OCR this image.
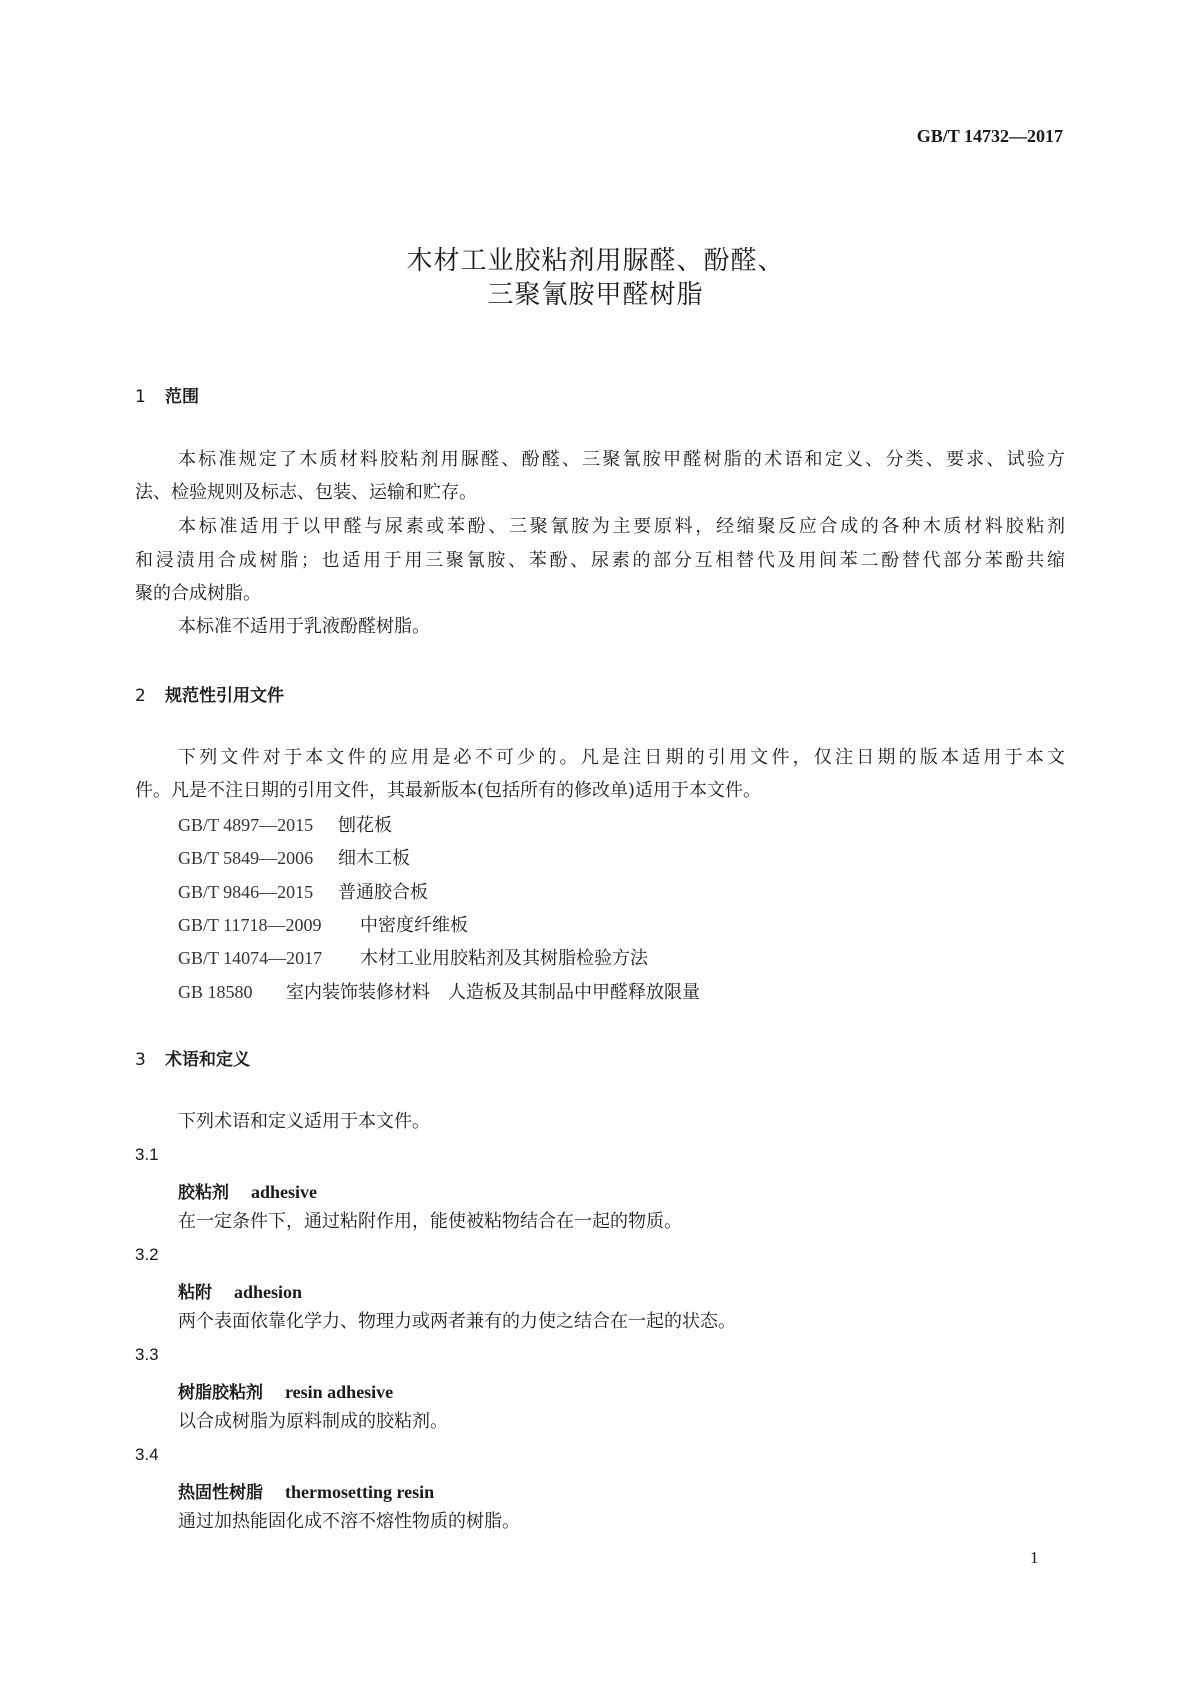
GB/T 14732—2017
木材工业胶粘剂用脲醛、酚醛、
三聚氰胺甲醛树脂
1 范围
本标准规定了木质材料胶粘剂用脲醛、酚醛、三聚氰胺甲醛树脂的术语和定义、分类、要求、试验方
法、检验规则及标志、包装、运输和贮存。
本标准适用于以甲醛与尿素或苯酚、三聚氰胺为主要原料，经缩聚反应合成的各种木质材料胶粘剂
和浸渍用合成树脂；也适用于用三聚氰胺、苯酚、尿素的部分互相替代及用间苯二酚替代部分苯酚共缩
聚的合成树脂。
本标准不适用于乳液酚醛树脂。
2 规范性引用文件
下列文件对于本文件的应用是必不可少的。凡是注日期的引用文件，仅注日期的版本适用于本文
件。凡是不注日期的引用文件，其最新版本(包括所有的修改单)适用于本文件。
GB/T 4897—2015 刨花板
GB/T 5849—2006 细木工板
GB/T 9846—2015 普通胶合板
GB/T 11718—2009 中密度纤维板
GB/T 14074—2017 木材工业用胶粘剂及其树脂检验方法
GB 18580 室内装饰装修材料　人造板及其制品中甲醛释放限量
3 术语和定义
下列术语和定义适用于本文件。
3.1
胶粘剂 adhesive
在一定条件下，通过粘附作用，能使被粘物结合在一起的物质。
3.2
粘附 adhesion
两个表面依靠化学力、物理力或两者兼有的力使之结合在一起的状态。
3.3
树脂胶粘剂 resin adhesive
以合成树脂为原料制成的胶粘剂。
3.4
热固性树脂 thermosetting resin
通过加热能固化成不溶不熔性物质的树脂。
1
